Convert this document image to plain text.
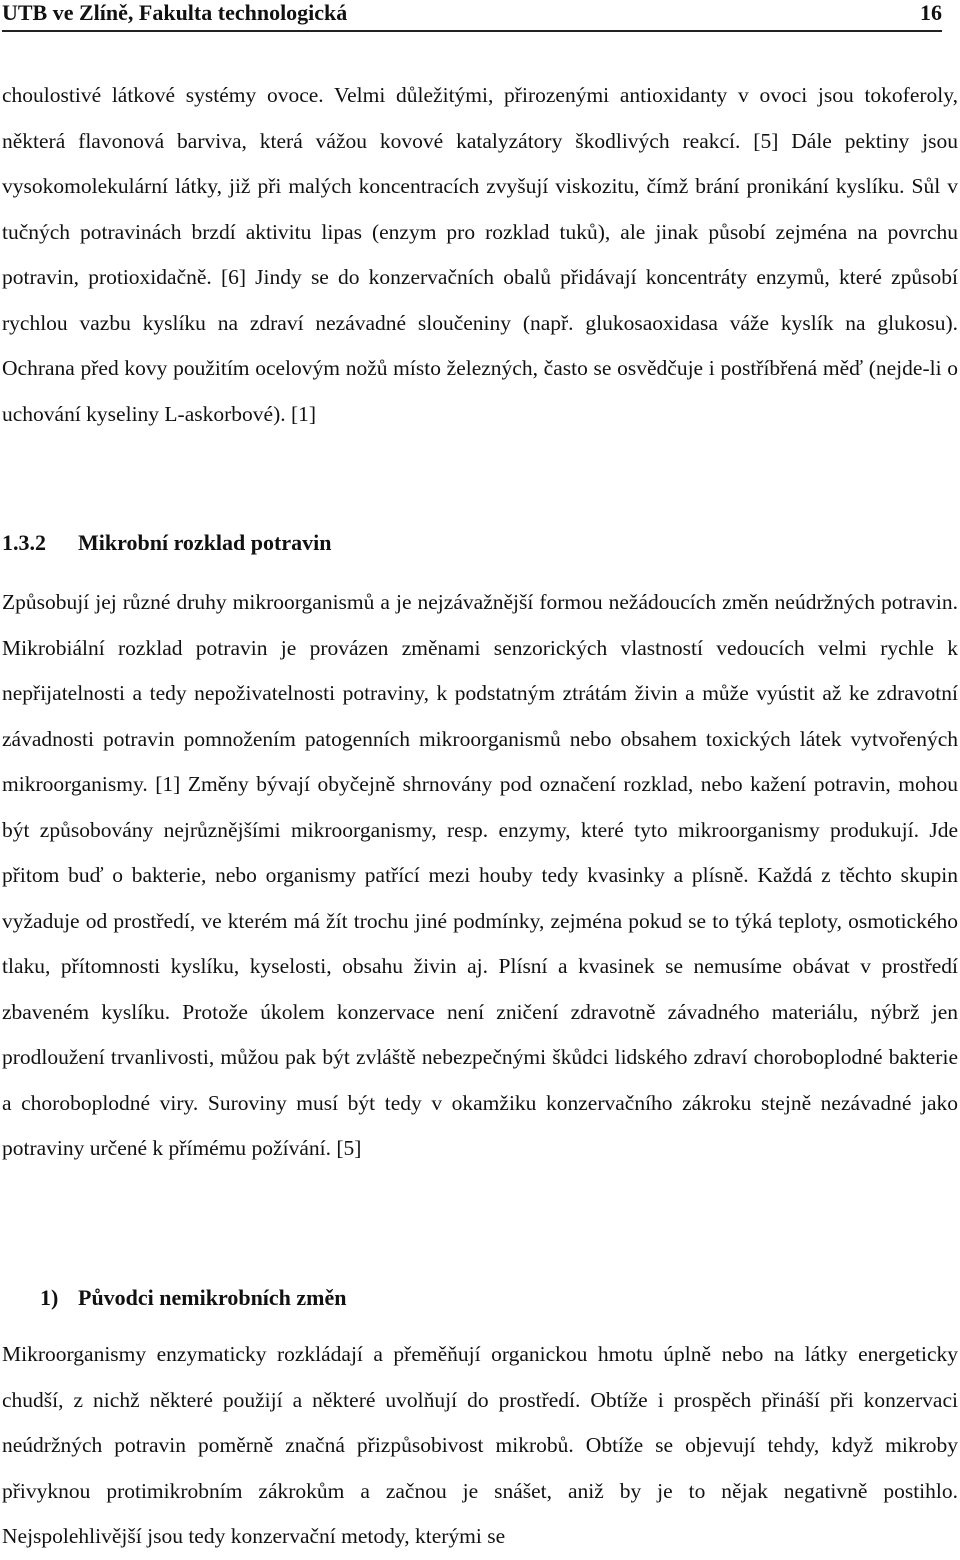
UTB ve Zlíně, Fakulta technologická	16

choulostivé látkové systémy ovoce. Velmi důležitými, přirozenými antioxidanty v ovoci jsou tokoferoly, některá flavonová barviva, která vážou kovové katalyzátory škodlivých reakcí. [5] Dále pektiny jsou vysokomolekulární látky, již při malých koncentracích zvyšují viskozitu, čímž brání pronikání kyslíku. Sůl v tučných potravinách brzdí aktivitu lipas (enzym pro rozklad tuků), ale jinak působí zejména na povrchu potravin, protioxidačně. [6] Jindy se do konzervačních obalů přidávají koncentráty enzymů, které způsobí rychlou vazbu kyslíku na zdraví nezávadné sloučeniny (např. glukosaoxidasa váže kyslík na glukosu). Ochrana před kovy použitím ocelovým nožů místo železných, často se osvědčuje i postříbřená měď (nejde-li o uchování kyseliny L-askorbové). [1]

1.3.2 Mikrobní rozklad potravin

Způsobují jej různé druhy mikroorganismů a je nejzávažnější formou nežádoucích změn neúdržných potravin. Mikrobiální rozklad potravin je provázen změnami senzorických vlastností vedoucích velmi rychle k nepřijatelnosti a tedy nepoživatelnosti potraviny, k podstatným ztrátám živin a může vyústit až ke zdravotní závadnosti potravin pomnožením patogenních mikroorganismů nebo obsahem toxických látek vytvořených mikroorganismy. [1] Změny bývají obyčejně shrnovány pod označení rozklad, nebo kažení potravin, mohou být způsobovány nejrůznějšími mikroorganismy, resp. enzymy, které tyto mikroorganismy produkují. Jde přitom buď o bakterie, nebo organismy patřící mezi houby tedy kvasinky a plísně. Každá z těchto skupin vyžaduje od prostředí, ve kterém má žít trochu jiné podmínky, zejména pokud se to týká teploty, osmotického tlaku, přítomnosti kyslíku, kyselosti, obsahu živin aj. Plísní a kvasinek se nemusíme obávat v prostředí zbaveném kyslíku. Protože úkolem konzervace není zničení zdravotně závadného materiálu, nýbrž jen prodloužení trvanlivosti, můžou pak být zvláště nebezpečnými škůdci lidského zdraví choroboplodné bakterie a choroboplodné viry. Suroviny musí být tedy v okamžiku konzervačního zákroku stejně nezávadné jako potraviny určené k přímému požívání. [5]

1) Původci nemikrobních změn

Mikroorganismy enzymaticky rozkládají a přeměňují organickou hmotu úplně nebo na látky energeticky chudší, z nichž některé použijí a některé uvolňují do prostředí. Obtíže i prospěch přináší při konzervaci neúdržných potravin poměrně značná přizpůsobivost mikrobů. Obtíže se objevují tehdy, když mikroby přivyknou protimikrobním zákrokům a začnou je snášet, aniž by je to nějak negativně postihlo. Nejspolehlivější jsou tedy konzervační metody, kterými se
